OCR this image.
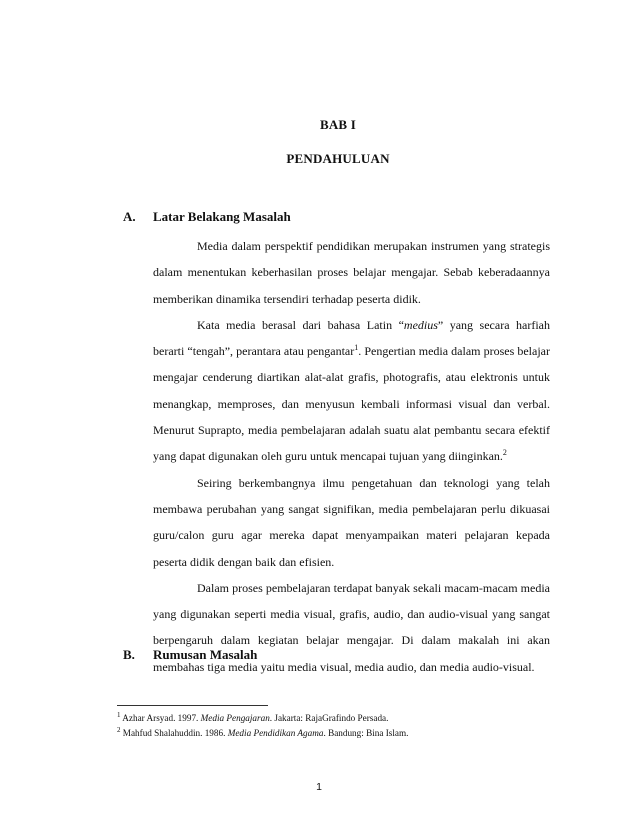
BAB I
PENDAHULUAN
A. Latar Belakang Masalah

Media dalam perspektif pendidikan merupakan instrumen yang strategis dalam menentukan keberhasilan proses belajar mengajar. Sebab keberadaannya memberikan dinamika tersendiri terhadap peserta didik.

Kata media berasal dari bahasa Latin “medius” yang secara harfiah berarti “tengah”, perantara atau pengantar$^1$. Pengertian media dalam proses belajar mengajar cenderung diartikan alat-alat grafis, photografis, atau elektronis untuk menangkap, memproses, dan menyusun kembali informasi visual dan verbal. Menurut Suprapto, media pembelajaran adalah suatu alat pembantu secara efektif yang dapat digunakan oleh guru untuk mencapai tujuan yang diinginkan.$^2$

Seiring berkembangnya ilmu pengetahuan dan teknologi yang telah membawa perubahan yang sangat signifikan, media pembelajaran perlu dikuasai guru/calon guru agar mereka dapat menyampaikan materi pelajaran kepada peserta didik dengan baik dan efisien.

Dalam proses pembelajaran terdapat banyak sekali macam-macam media yang digunakan seperti media visual, grafis, audio, dan audio-visual yang sangat berpengaruh dalam kegiatan belajar mengajar. Di dalam makalah ini akan membahas tiga media yaitu media visual, media audio, dan media audio-visual.

B. Rumusan Masalah
$^1$ Azhar Arsyad. 1997. Media Pengajaran. Jakarta: RajaGrafindo Persada.
$^2$ Mahfud Shalahuddin. 1986. Media Pendidikan Agama. Bandung: Bina Islam.
1
